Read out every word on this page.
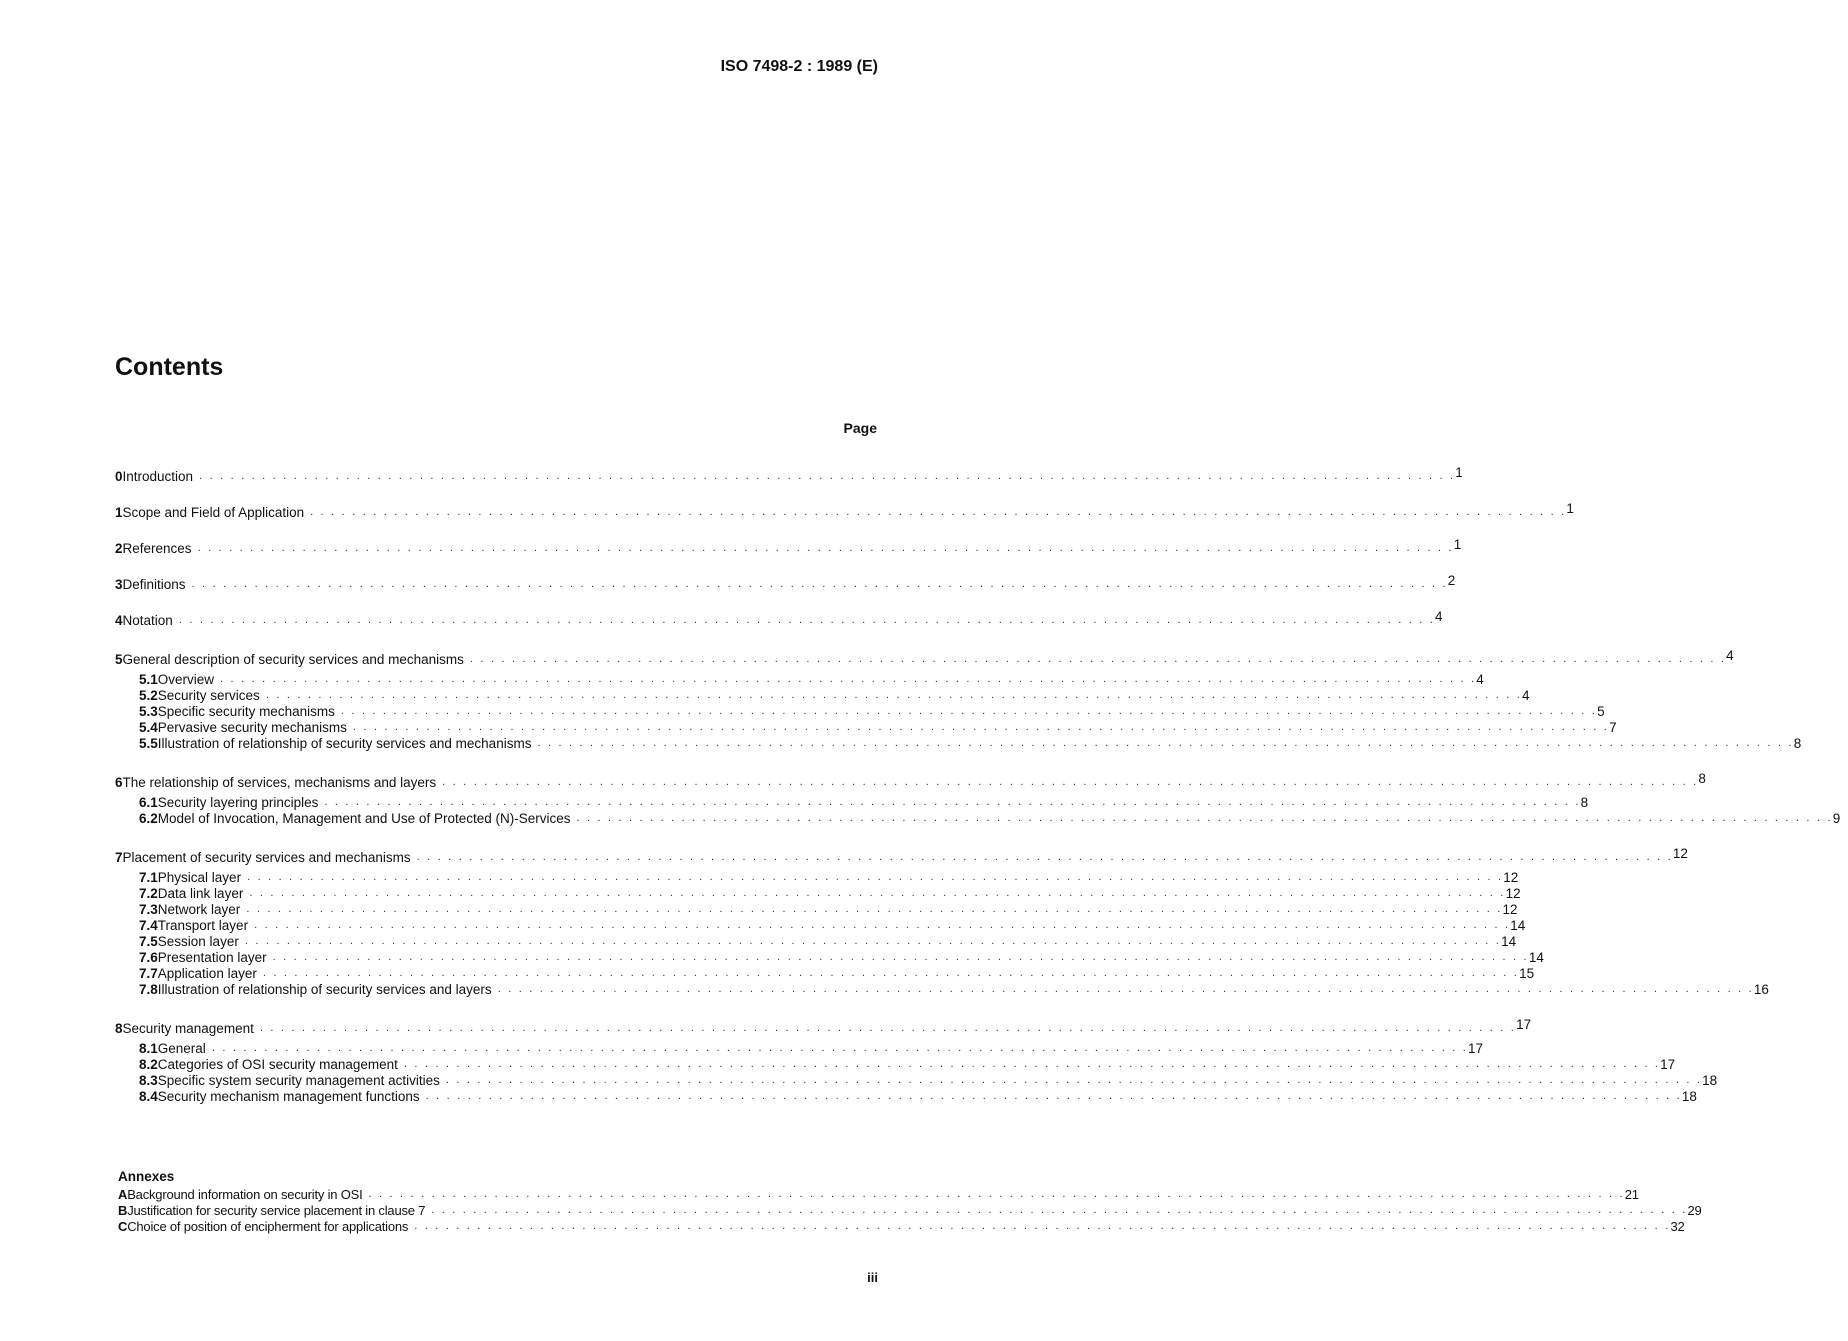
ISO 7498-2 : 1989 (E)
Contents
Page
0 Introduction . . . . . . . . . . . . . . . . . . . . . . . . . . . . . . . . . . . . . . . . . . . . . . . . . . . . . . . . . . . . . . . . . . . . . . . . . . . . . . . . . . . . . . . . . . . . . . . . . . . . . . . . . . . . . . . . . . . . . . . . 1
1 Scope and Field of Application . . . . . . . . . . . . . . . . . . . . . . . . . . . . . . . . . . . . . . . . . . . . . . . . . . . . . . . . . . . . . . . . . . . . . . . . . . . . . . . . . . . . . . . . . . . . . . . . . . . . . . . . . . . . . . . . . . . . . . . . 1
2 References . . . . . . . . . . . . . . . . . . . . . . . . . . . . . . . . . . . . . . . . . . . . . . . . . . . . . . . . . . . . . . . . . . . . . . . . . . . . . . . . . . . . . . . . . . . . . . . . . . . . . . . . . . . . . . . . . . . . . . . . 1
3 Definitions . . . . . . . . . . . . . . . . . . . . . . . . . . . . . . . . . . . . . . . . . . . . . . . . . . . . . . . . . . . . . . . . . . . . . . . . . . . . . . . . . . . . . . . . . . . . . . . . . . . . . . . . . . . . . . . . . . . . . . . . 2
4 Notation . . . . . . . . . . . . . . . . . . . . . . . . . . . . . . . . . . . . . . . . . . . . . . . . . . . . . . . . . . . . . . . . . . . . . . . . . . . . . . . . . . . . . . . . . . . . . . . . . . . . . . . . . . . . . . . . . . . . . . . . 4
5 General description of security services and mechanisms . . . . . . . . . . . . . . . . . . . . . . . . . . . . . . . . . . . . . . . . . . . . . . . . . . . . . . . . . . . . . . . . . . . . . . . . . . . . . . . . . . . . . . . . . . . . . . . . . . . . . . . . . . . . . . . . . . . . . . . . 4
5.1 Overview . . . . . . . . . . . . . . . . . . . . . . . . . . . . . . . . . . . . . . . . . . . . . . . . . . . . . . . . . . . . . . . . . . . . . . . . . . . . . . . . . . . . . . . . . . . . . . . . . . . . . . . . . . . . . . . . . . . . . . . . 4
5.2 Security services . . . . . . . . . . . . . . . . . . . . . . . . . . . . . . . . . . . . . . . . . . . . . . . . . . . . . . . . . . . . . . . . . . . . . . . . . . . . . . . . . . . . . . . . . . . . . . . . . . . . . . . . . . . . . . . . . . . . . . . . 4
5.3 Specific security mechanisms . . . . . . . . . . . . . . . . . . . . . . . . . . . . . . . . . . . . . . . . . . . . . . . . . . . . . . . . . . . . . . . . . . . . . . . . . . . . . . . . . . . . . . . . . . . . . . . . . . . . . . . . . . . . . . . . . . . . . . . . 5
5.4 Pervasive security mechanisms . . . . . . . . . . . . . . . . . . . . . . . . . . . . . . . . . . . . . . . . . . . . . . . . . . . . . . . . . . . . . . . . . . . . . . . . . . . . . . . . . . . . . . . . . . . . . . . . . . . . . . . . . . . . . . . . . . . . . . . . 7
5.5 Illustration of relationship of security services and mechanisms . . . . . . . . . . . . . . . . . . . . . . . . . . . . . . . . . . . . . . . . . . . . . . . . . . . . . . . . . . . . . . . . . . . . . . . . . . . . . . . . . . . . . . . . . . . . . . . . . . . . . . . . . . . . . . . . . . . . . . . . 8
6 The relationship of services, mechanisms and layers . . . . . . . . . . . . . . . . . . . . . . . . . . . . . . . . . . . . . . . . . . . . . . . . . . . . . . . . . . . . . . . . . . . . . . . . . . . . . . . . . . . . . . . . . . . . . . . . . . . . . . . . . . . . . . . . . . . . . . . . 8
6.1 Security layering principles . . . . . . . . . . . . . . . . . . . . . . . . . . . . . . . . . . . . . . . . . . . . . . . . . . . . . . . . . . . . . . . . . . . . . . . . . . . . . . . . . . . . . . . . . . . . . . . . . . . . . . . . . . . . . . . . . . . . . . . . 8
6.2 Model of Invocation, Management and Use of Protected (N)-Services . . . . . . . . . . . . . . . . . . . . . . . . . . . . . . . . . . . . . . . . . . . . . . . . . . . . . . . . . . . . . . . . . . . . . . . . . . . . . . . . . . . . . . . . . . . . . . . . . . . . . . . . . . . . . . . . . . . . . . . . 9
7 Placement of security services and mechanisms . . . . . . . . . . . . . . . . . . . . . . . . . . . . . . . . . . . . . . . . . . . . . . . . . . . . . . . . . . . . . . . . . . . . . . . . . . . . . . . . . . . . . . . . . . . . . . . . . . . . . . . . . . . . . . . . . . . . . . . . 12
7.1 Physical layer . . . . . . . . . . . . . . . . . . . . . . . . . . . . . . . . . . . . . . . . . . . . . . . . . . . . . . . . . . . . . . . . . . . . . . . . . . . . . . . . . . . . . . . . . . . . . . . . . . . . . . . . . . . . . . . . . . . . . . . . 12
7.2 Data link layer . . . . . . . . . . . . . . . . . . . . . . . . . . . . . . . . . . . . . . . . . . . . . . . . . . . . . . . . . . . . . . . . . . . . . . . . . . . . . . . . . . . . . . . . . . . . . . . . . . . . . . . . . . . . . . . . . . . . . . . . 12
7.3 Network layer . . . . . . . . . . . . . . . . . . . . . . . . . . . . . . . . . . . . . . . . . . . . . . . . . . . . . . . . . . . . . . . . . . . . . . . . . . . . . . . . . . . . . . . . . . . . . . . . . . . . . . . . . . . . . . . . . . . . . . . . 12
7.4 Transport layer . . . . . . . . . . . . . . . . . . . . . . . . . . . . . . . . . . . . . . . . . . . . . . . . . . . . . . . . . . . . . . . . . . . . . . . . . . . . . . . . . . . . . . . . . . . . . . . . . . . . . . . . . . . . . . . . . . . . . . . . 14
7.5 Session layer . . . . . . . . . . . . . . . . . . . . . . . . . . . . . . . . . . . . . . . . . . . . . . . . . . . . . . . . . . . . . . . . . . . . . . . . . . . . . . . . . . . . . . . . . . . . . . . . . . . . . . . . . . . . . . . . . . . . . . . . 14
7.6 Presentation layer . . . . . . . . . . . . . . . . . . . . . . . . . . . . . . . . . . . . . . . . . . . . . . . . . . . . . . . . . . . . . . . . . . . . . . . . . . . . . . . . . . . . . . . . . . . . . . . . . . . . . . . . . . . . . . . . . . . . . . . . 14
7.7 Application layer . . . . . . . . . . . . . . . . . . . . . . . . . . . . . . . . . . . . . . . . . . . . . . . . . . . . . . . . . . . . . . . . . . . . . . . . . . . . . . . . . . . . . . . . . . . . . . . . . . . . . . . . . . . . . . . . . . . . . . . . 15
7.8 Illustration of relationship of security services and layers . . . . . . . . . . . . . . . . . . . . . . . . . . . . . . . . . . . . . . . . . . . . . . . . . . . . . . . . . . . . . . . . . . . . . . . . . . . . . . . . . . . . . . . . . . . . . . . . . . . . . . . . . . . . . . . . . . . . . . . . 16
8 Security management . . . . . . . . . . . . . . . . . . . . . . . . . . . . . . . . . . . . . . . . . . . . . . . . . . . . . . . . . . . . . . . . . . . . . . . . . . . . . . . . . . . . . . . . . . . . . . . . . . . . . . . . . . . . . . . . . . . . . . . . 17
8.1 General . . . . . . . . . . . . . . . . . . . . . . . . . . . . . . . . . . . . . . . . . . . . . . . . . . . . . . . . . . . . . . . . . . . . . . . . . . . . . . . . . . . . . . . . . . . . . . . . . . . . . . . . . . . . . . . . . . . . . . . . 17
8.2 Categories of OSI security management . . . . . . . . . . . . . . . . . . . . . . . . . . . . . . . . . . . . . . . . . . . . . . . . . . . . . . . . . . . . . . . . . . . . . . . . . . . . . . . . . . . . . . . . . . . . . . . . . . . . . . . . . . . . . . . . . . . . . . . . 17
8.3 Specific system security management activities . . . . . . . . . . . . . . . . . . . . . . . . . . . . . . . . . . . . . . . . . . . . . . . . . . . . . . . . . . . . . . . . . . . . . . . . . . . . . . . . . . . . . . . . . . . . . . . . . . . . . . . . . . . . . . . . . . . . . . . . 18
8.4 Security mechanism management functions . . . . . . . . . . . . . . . . . . . . . . . . . . . . . . . . . . . . . . . . . . . . . . . . . . . . . . . . . . . . . . . . . . . . . . . . . . . . . . . . . . . . . . . . . . . . . . . . . . . . . . . . . . . . . . . . . . . . . . . . 18
Annexes
A Background information on security in OSI . . . . . . . . . . . . . . . . . . . . . . . . . . . . . . . . . . . . . . . . . . . . . . . . . . . . . . . . . . . . . . . . . . . . . . . . . . . . . . . . . . . . . . . . . . . . . . . . . . . . . . . . . . . . . . . . . . . . . . . . 21
B Justification for security service placement in clause 7 . . . . . . . . . . . . . . . . . . . . . . . . . . . . . . . . . . . . . . . . . . . . . . . . . . . . . . . . . . . . . . . . . . . . . . . . . . . . . . . . . . . . . . . . . . . . . . . . . . . . . . . . . . . . . . . . . . . . . . . . 29
C Choice of position of encipherment for applications . . . . . . . . . . . . . . . . . . . . . . . . . . . . . . . . . . . . . . . . . . . . . . . . . . . . . . . . . . . . . . . . . . . . . . . . . . . . . . . . . . . . . . . . . . . . . . . . . . . . . . . . . . . . . . . . . . . . . . . . 32
iii
